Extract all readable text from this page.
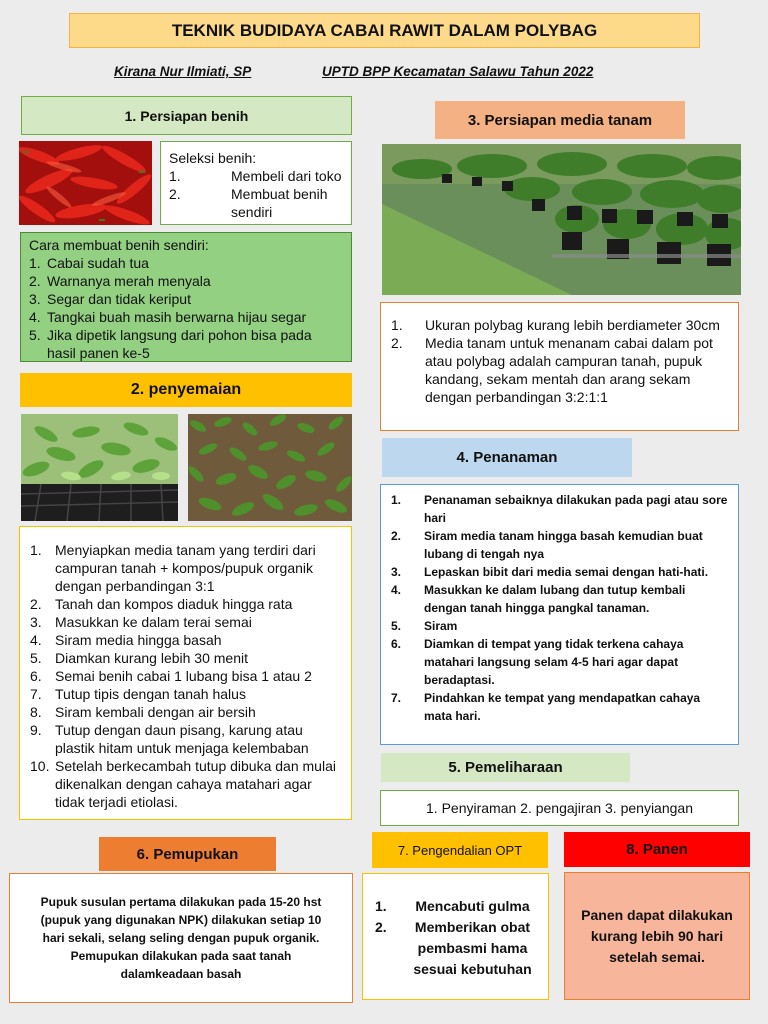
TEKNIK BUDIDAYA CABAI RAWIT DALAM POLYBAG
Kirana Nur Ilmiati, SP	UPTD BPP Kecamatan Salawu Tahun 2022
1. Persiapan benih
Seleksi benih:
1.	Membeli dari toko
2.	Membuat benih sendiri
Cara membuat benih sendiri:
1. Cabai sudah tua
2. Warnanya merah menyala
3. Segar dan tidak keriput
4. Tangkai buah masih berwarna hijau segar
5. Jika dipetik langsung dari pohon bisa pada hasil panen ke-5
2. penyemaian
1. Menyiapkan media tanam yang terdiri dari campuran tanah + kompos/pupuk organik dengan perbandingan 3:1
2. Tanah dan kompos diaduk hingga rata
3. Masukkan ke dalam terai semai
4. Siram media hingga basah
5. Diamkan kurang lebih 30 menit
6. Semai benih cabai 1 lubang bisa 1 atau 2
7. Tutup tipis dengan tanah halus
8. Siram kembali dengan air bersih
9. Tutup dengan daun pisang, karung atau plastik hitam untuk menjaga kelembaban
10. Setelah berkecambah tutup dibuka dan mulai dikenalkan dengan cahaya matahari agar tidak terjadi etiolasi.
3. Persiapan media tanam
1. Ukuran polybag kurang lebih berdiameter 30cm
2. Media tanam untuk menanam cabai dalam pot atau polybag adalah campuran tanah, pupuk kandang, sekam mentah dan arang sekam dengan perbandingan 3:2:1:1
4. Penanaman
1. Penanaman sebaiknya dilakukan pada pagi atau sore hari
2. Siram media tanam hingga basah kemudian buat lubang di tengah nya
3. Lepaskan bibit dari media semai dengan hati-hati.
4. Masukkan ke dalam lubang dan tutup kembali dengan tanah hingga pangkal tanaman.
5. Siram
6. Diamkan di tempat yang tidak terkena cahaya matahari langsung selam 4-5 hari agar dapat beradaptasi.
7. Pindahkan ke tempat yang mendapatkan cahaya mata hari.
5. Pemeliharaan
1. Penyiraman 2. pengajiran 3. penyiangan
6. Pemupukan
Pupuk susulan pertama dilakukan pada 15-20 hst (pupuk yang digunakan NPK) dilakukan setiap 10 hari sekali, selang seling dengan pupuk organik. Pemupukan dilakukan pada saat tanah dalamkeadaan basah
7. Pengendalian OPT
1. Mencabuti gulma
2. Memberikan obat pembasmi hama sesuai kebutuhan
8. Panen
Panen dapat dilakukan kurang lebih 90 hari setelah semai.
